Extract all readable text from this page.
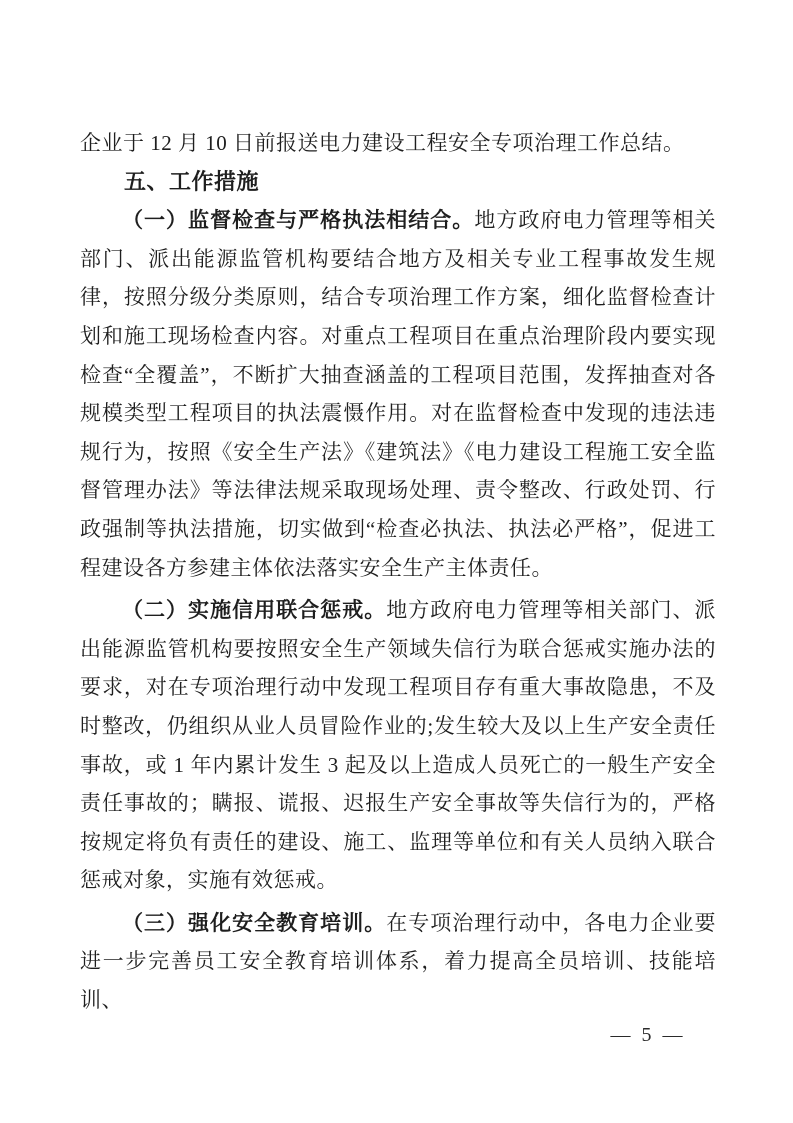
企业于 12 月 10 日前报送电力建设工程安全专项治理工作总结。

五、工作措施

（一）监督检查与严格执法相结合。地方政府电力管理等相关部门、派出能源监管机构要结合地方及相关专业工程事故发生规律，按照分级分类原则，结合专项治理工作方案，细化监督检查计划和施工现场检查内容。对重点工程项目在重点治理阶段内要实现检查“全覆盖”，不断扩大抽查涵盖的工程项目范围，发挥抽查对各规模类型工程项目的执法震慑作用。对在监督检查中发现的违法违规行为，按照《安全生产法》《建筑法》《电力建设工程施工安全监督管理办法》等法律法规采取现场处理、责令整改、行政处罚、行政强制等执法措施，切实做到“检查必执法、执法必严格”，促进工程建设各方参建主体依法落实安全生产主体责任。

（二）实施信用联合惩戒。地方政府电力管理等相关部门、派出能源监管机构要按照安全生产领域失信行为联合惩戒实施办法的要求，对在专项治理行动中发现工程项目存有重大事故隐患，不及时整改，仍组织从业人员冒险作业的;发生较大及以上生产安全责任事故，或 1 年内累计发生 3 起及以上造成人员死亡的一般生产安全责任事故的；瞒报、谎报、迟报生产安全事故等失信行为的，严格按规定将负有责任的建设、施工、监理等单位和有关人员纳入联合惩戒对象，实施有效惩戒。

（三）强化安全教育培训。在专项治理行动中，各电力企业要进一步完善员工安全教育培训体系，着力提高全员培训、技能培训、

— 5 —
